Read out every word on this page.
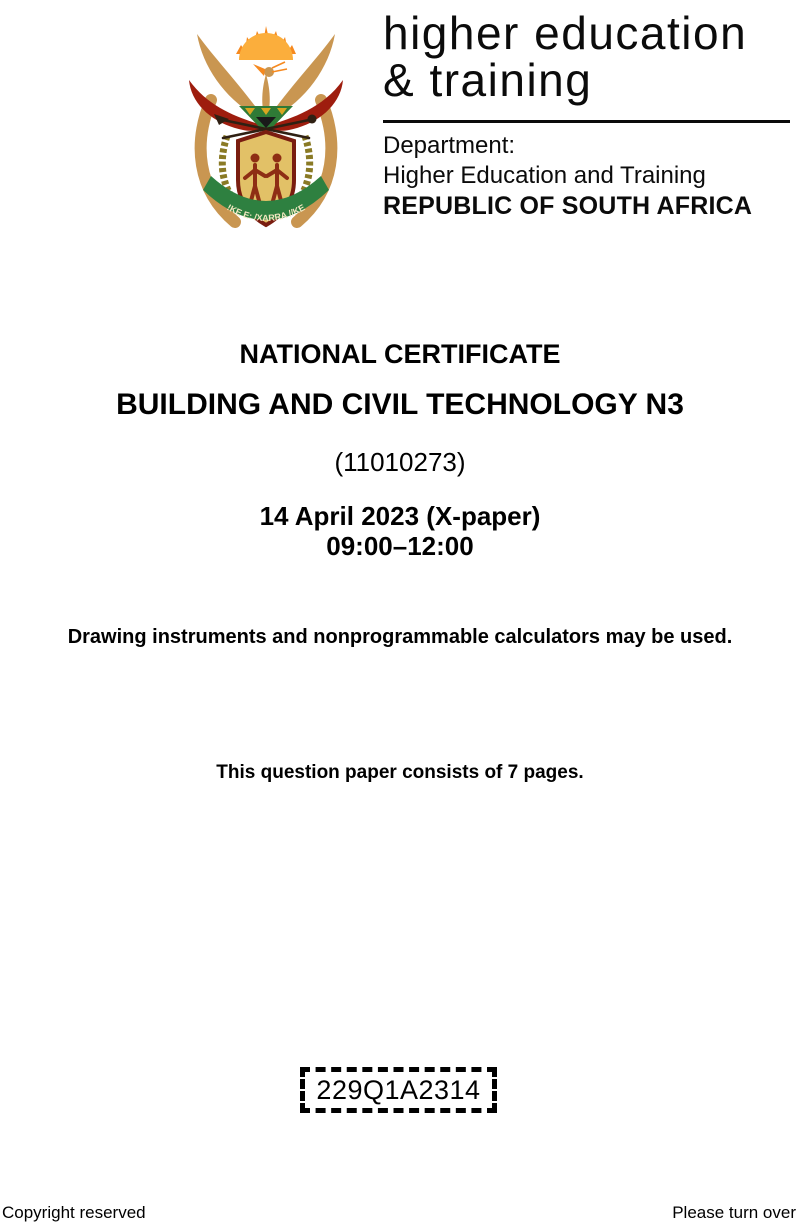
!KE E: /XARRA //KE
higher education
& training
Department:
Higher Education and Training
REPUBLIC OF SOUTH AFRICA
NATIONAL CERTIFICATE
BUILDING AND CIVIL TECHNOLOGY N3
(11010273)
14 April 2023 (X-paper)
09:00–12:00
Drawing instruments and nonprogrammable calculators may be used.
This question paper consists of 7 pages.
229Q1A2314
Copyright reserved	Please turn over
